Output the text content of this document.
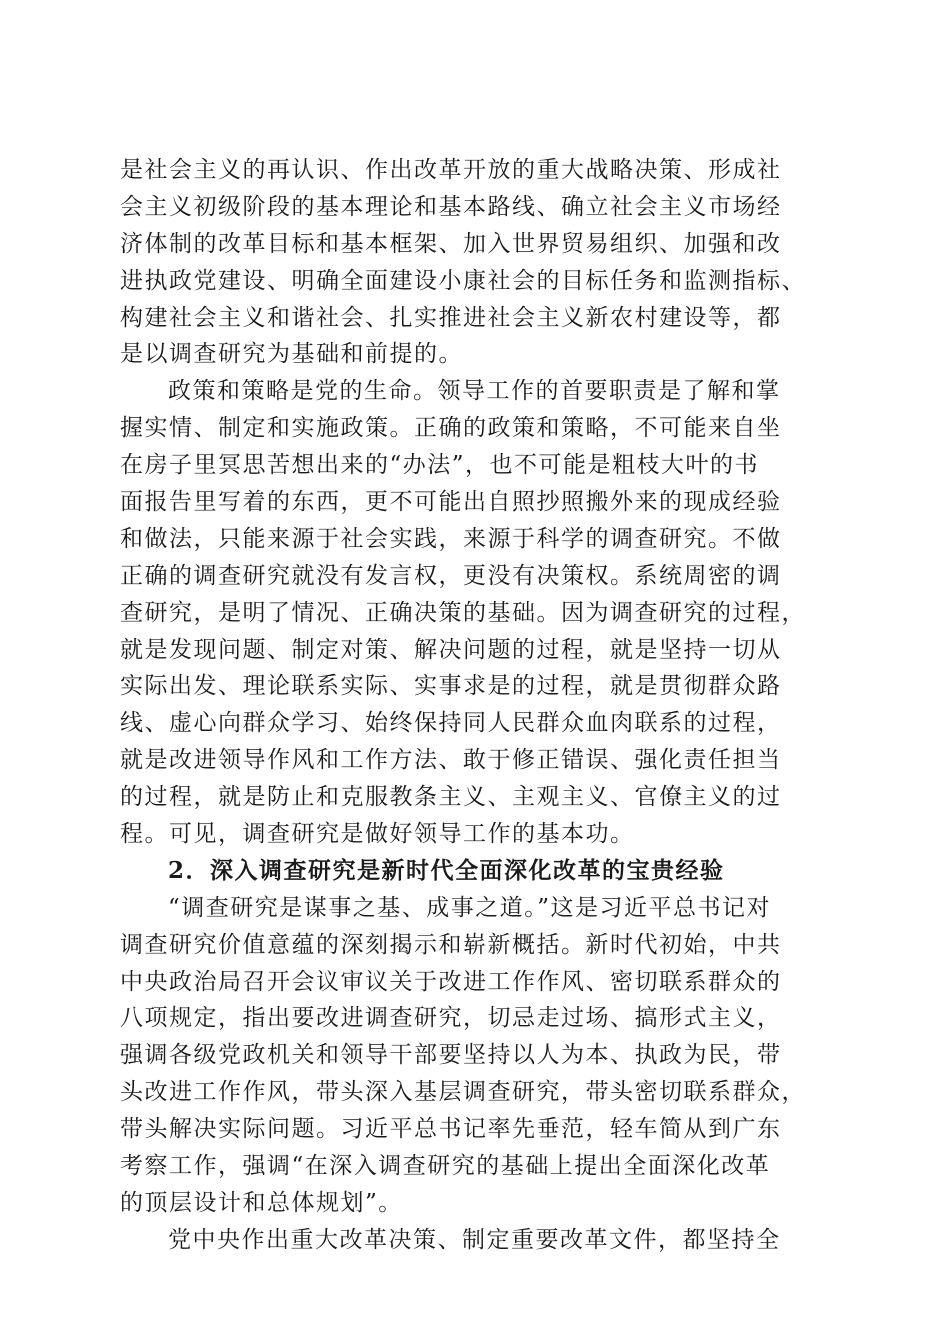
是社会主义的再认识、作出改革开放的重大战略决策、形成社
会主义初级阶段的基本理论和基本路线、确立社会主义市场经
济体制的改革目标和基本框架、加入世界贸易组织、加强和改
进执政党建设、明确全面建设小康社会的目标任务和监测指标、
构建社会主义和谐社会、扎实推进社会主义新农村建设等，都
是以调查研究为基础和前提的。
政策和策略是党的生命。领导工作的首要职责是了解和掌
握实情、制定和实施政策。正确的政策和策略，不可能来自坐
在房子里冥思苦想出来的“办法”，也不可能是粗枝大叶的书
面报告里写着的东西，更不可能出自照抄照搬外来的现成经验
和做法，只能来源于社会实践，来源于科学的调查研究。不做
正确的调查研究就没有发言权，更没有决策权。系统周密的调
查研究，是明了情况、正确决策的基础。因为调查研究的过程，
就是发现问题、制定对策、解决问题的过程，就是坚持一切从
实际出发、理论联系实际、实事求是的过程，就是贯彻群众路
线、虚心向群众学习、始终保持同人民群众血肉联系的过程，
就是改进领导作风和工作方法、敢于修正错误、强化责任担当
的过程，就是防止和克服教条主义、主观主义、官僚主义的过
程。可见，调查研究是做好领导工作的基本功。
2．深入调查研究是新时代全面深化改革的宝贵经验
“调查研究是谋事之基、成事之道。”这是习近平总书记对
调查研究价值意蕴的深刻揭示和崭新概括。新时代初始，中共
中央政治局召开会议审议关于改进工作作风、密切联系群众的
八项规定，指出要改进调查研究，切忌走过场、搞形式主义，
强调各级党政机关和领导干部要坚持以人为本、执政为民，带
头改进工作作风，带头深入基层调查研究，带头密切联系群众，
带头解决实际问题。习近平总书记率先垂范，轻车简从到广东
考察工作，强调“在深入调查研究的基础上提出全面深化改革
的顶层设计和总体规划”。
党中央作出重大改革决策、制定重要改革文件，都坚持全
